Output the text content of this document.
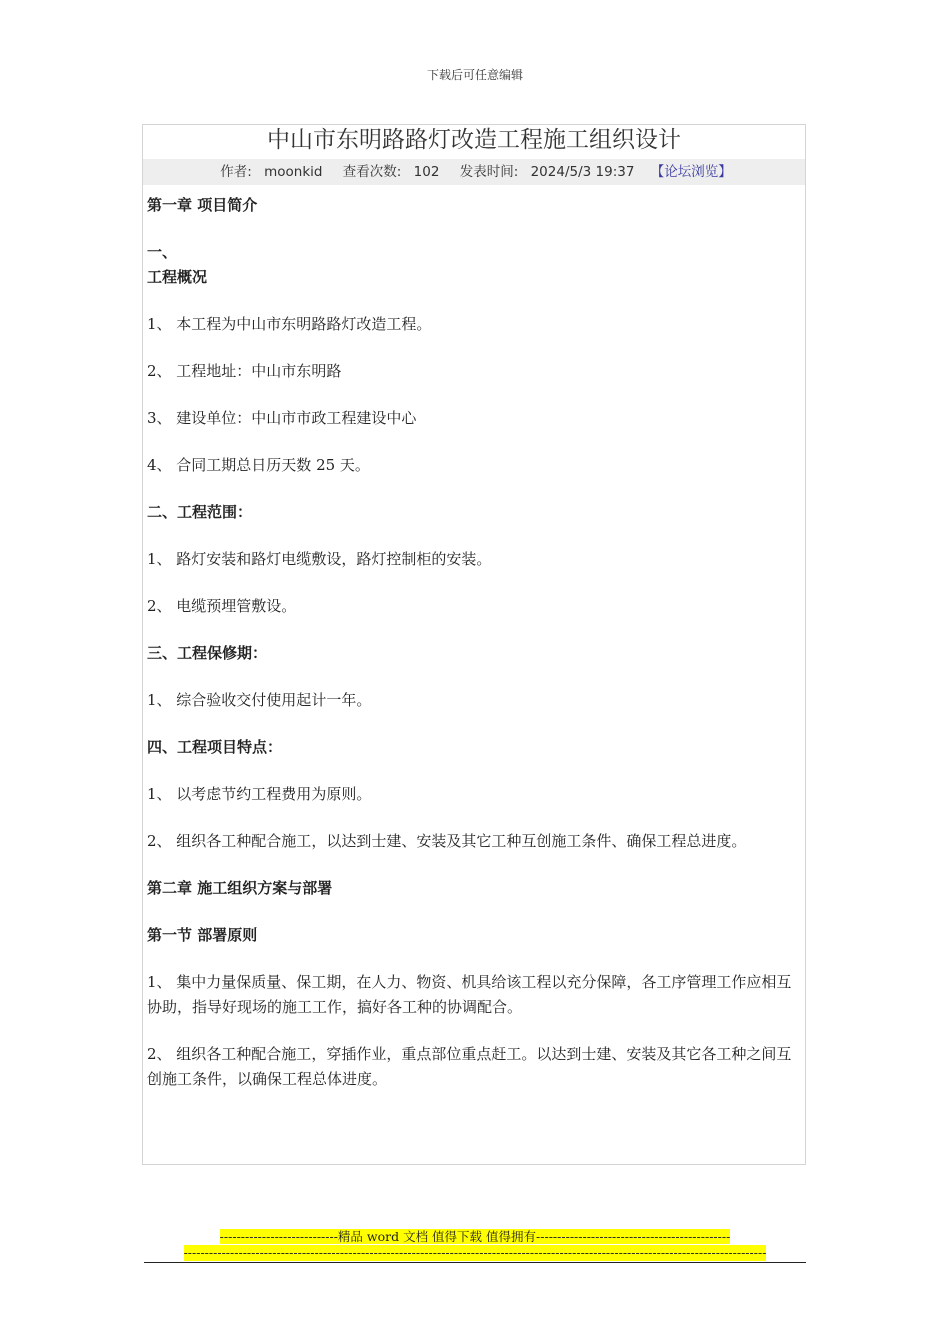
下载后可任意编辑
中山市东明路路灯改造工程施工组织设计
作者: moonkid 查看次数: 102 发表时间: 2024/5/3 19:37 【论坛浏览】

第一章 项目简介

一、

工程概况

1、 本工程为中山市东明路路灯改造工程。

2、 工程地址：中山市东明路

3、 建设单位：中山市市政工程建设中心

4、 合同工期总日历天数 25 天。

二、工程范围：

1、 路灯安装和路灯电缆敷设，路灯控制柜的安装。

2、 电缆预埋管敷设。

三、工程保修期：

1、 综合验收交付使用起计一年。

四、工程项目特点：

1、 以考虑节约工程费用为原则。

2、 组织各工种配合施工，以达到士建、安装及其它工种互创施工条件、确保工程总进度。

第二章 施工组织方案与部署

第一节 部署原则

1、 集中力量保质量、保工期，在人力、物资、机具给该工程以充分保障，各工序管理工作应相互协助，指导好现场的施工工作，搞好各工种的协调配合。

2、 组织各工种配合施工，穿插作业，重点部位重点赶工。以达到士建、安装及其它各工种之间互创施工条件，以确保工程总体进度。

----------------------------精品 word 文档 值得下载 值得拥有----------------------------------------------
------------------------------------------------------------------------------------------------------------------------------------------
